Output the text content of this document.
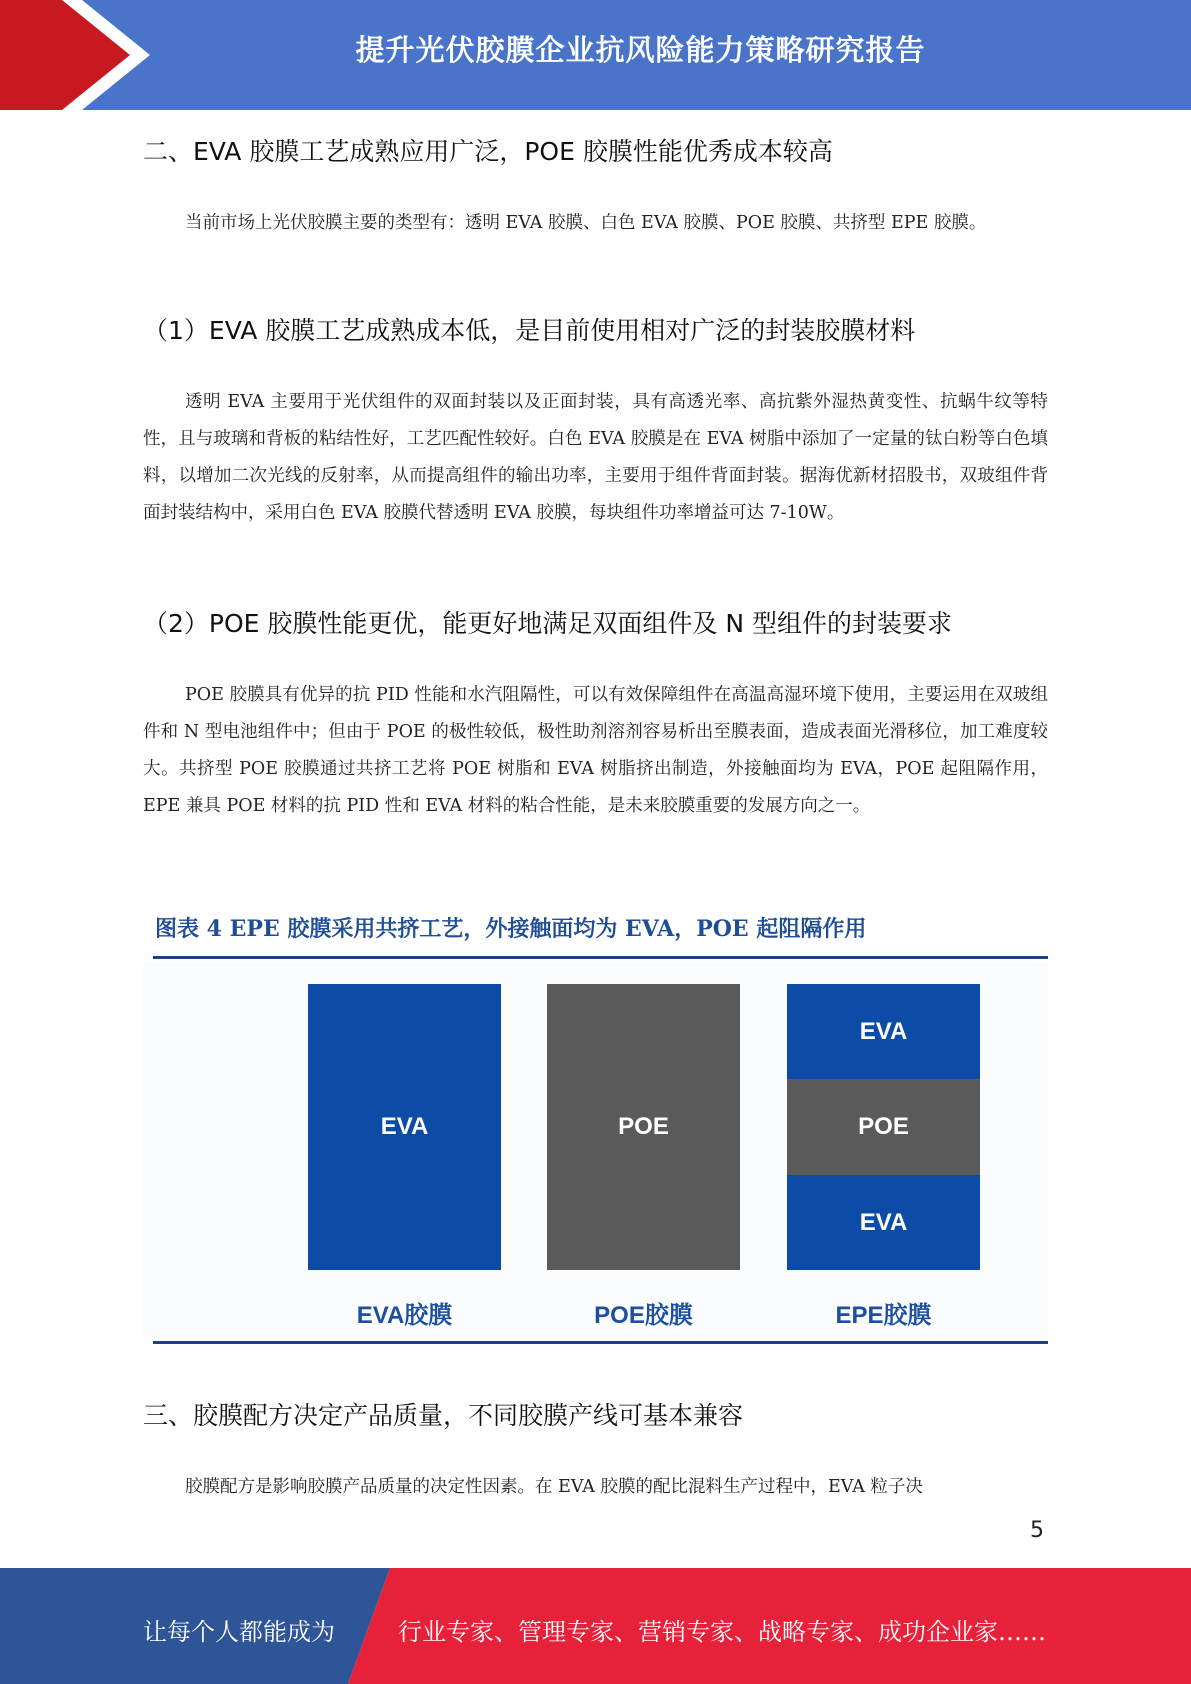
提升光伏胶膜企业抗风险能力策略研究报告
二、EVA 胶膜工艺成熟应用广泛，POE 胶膜性能优秀成本较高

当前市场上光伏胶膜主要的类型有：透明 EVA 胶膜、白色 EVA 胶膜、POE 胶膜、共挤型 EPE 胶膜。

（1）EVA 胶膜工艺成熟成本低，是目前使用相对广泛的封装胶膜材料

透明 EVA 主要用于光伏组件的双面封装以及正面封装，具有高透光率、高抗紫外湿热黄变性、抗蜗牛纹等特性，且与玻璃和背板的粘结性好，工艺匹配性较好。白色 EVA 胶膜是在 EVA 树脂中添加了一定量的钛白粉等白色填料，以增加二次光线的反射率，从而提高组件的输出功率，主要用于组件背面封装。据海优新材招股书，双玻组件背面封装结构中，采用白色 EVA 胶膜代替透明 EVA 胶膜，每块组件功率增益可达 7-10W。

（2）POE 胶膜性能更优，能更好地满足双面组件及 N 型组件的封装要求

POE 胶膜具有优异的抗 PID 性能和水汽阻隔性，可以有效保障组件在高温高湿环境下使用，主要运用在双玻组件和 N 型电池组件中；但由于 POE 的极性较低，极性助剂溶剂容易析出至膜表面，造成表面光滑移位，加工难度较大。共挤型 POE 胶膜通过共挤工艺将 POE 树脂和 EVA 树脂挤出制造，外接触面均为 EVA，POE 起阻隔作用，EPE 兼具 POE 材料的抗 PID 性和 EVA 材料的粘合性能，是未来胶膜重要的发展方向之一。

图表 4 EPE 胶膜采用共挤工艺，外接触面均为 EVA，POE 起阻隔作用
EVA	POE
EVA
POE
EVA
EVA胶膜	POE胶膜	EPE胶膜
三、胶膜配方决定产品质量，不同胶膜产线可基本兼容

胶膜配方是影响胶膜产品质量的决定性因素。在 EVA 胶膜的配比混料生产过程中，EVA 粒子决

5
让每个人都能成为	行业专家、管理专家、营销专家、战略专家、成功企业家……
